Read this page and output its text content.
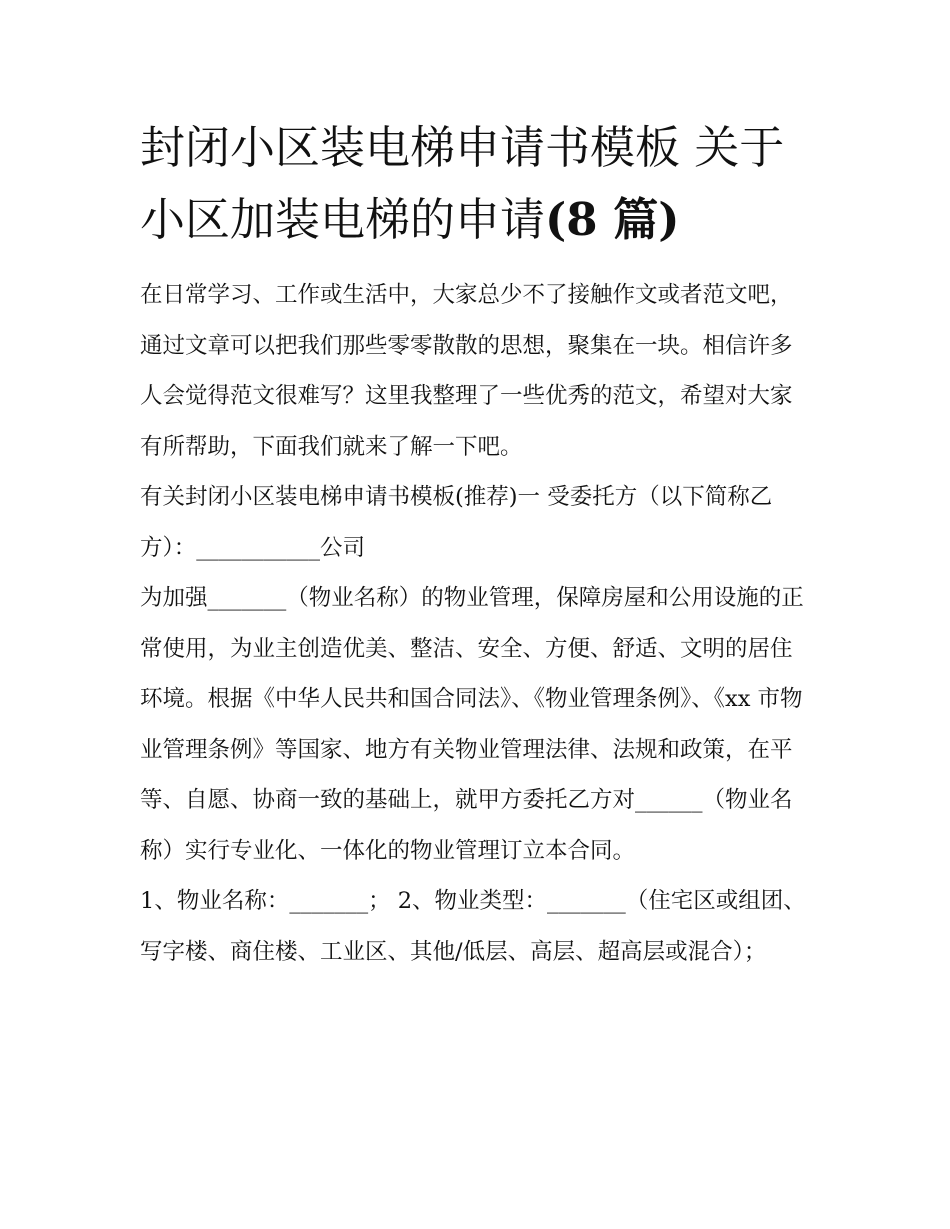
封闭小区装电梯申请书模板 关于小区加装电梯的申请(8 篇)

在日常学习、工作或生活中，大家总少不了接触作文或者范文吧，通过文章可以把我们那些零零散散的思想，聚集在一块。相信许多人会觉得范文很难写？这里我整理了一些优秀的范文，希望对大家有所帮助，下面我们就来了解一下吧。

有关封闭小区装电梯申请书模板(推荐)一 受委托方（以下简称乙方）：___________公司

为加强_______（物业名称）的物业管理，保障房屋和公用设施的正常使用，为业主创造优美、整洁、安全、方便、舒适、文明的居住环境。根据《中华人民共和国合同法》、《物业管理条例》、《xx 市物业管理条例》等国家、地方有关物业管理法律、法规和政策，在平等、自愿、协商一致的基础上，就甲方委托乙方对______（物业名称）实行专业化、一体化的物业管理订立本合同。

1、物业名称：_______； 2、物业类型：_______（住宅区或组团、写字楼、商住楼、工业区、其他/低层、高层、超高层或混合）；
